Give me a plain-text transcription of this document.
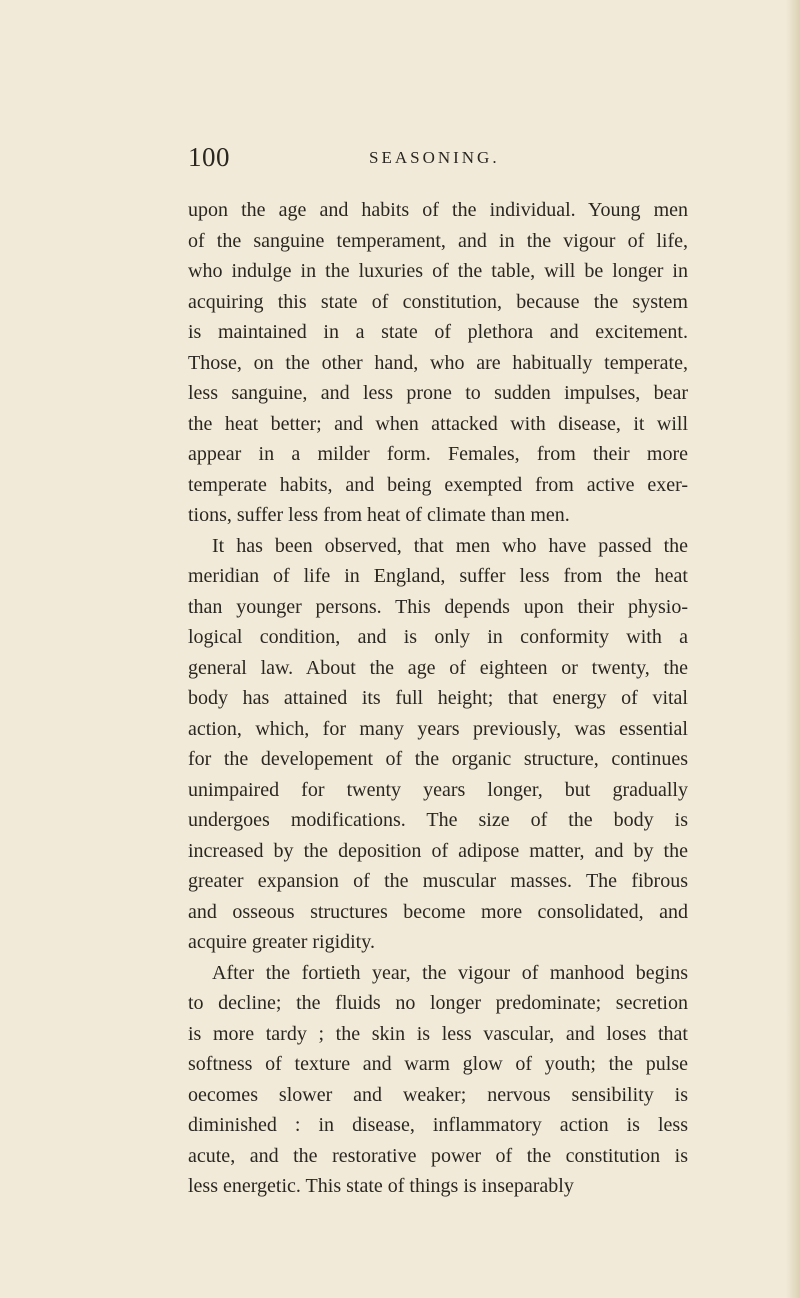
100	SEASONING.
upon the age and habits of the individual. Young men
of the sanguine temperament, and in the vigour of life,
who indulge in the luxuries of the table, will be longer in
acquiring this state of constitution, because the system
is maintained in a state of plethora and excitement.
Those, on the other hand, who are habitually temperate,
less sanguine, and less prone to sudden impulses, bear
the heat better; and when attacked with disease, it will
appear in a milder form. Females, from their more
temperate habits, and being exempted from active exer-
tions, suffer less from heat of climate than men.
It has been observed, that men who have passed the
meridian of life in England, suffer less from the heat
than younger persons. This depends upon their physio-
logical condition, and is only in conformity with a
general law. About the age of eighteen or twenty, the
body has attained its full height; that energy of vital
action, which, for many years previously, was essential
for the developement of the organic structure, continues
unimpaired for twenty years longer, but gradually
undergoes modifications. The size of the body is
increased by the deposition of adipose matter, and by the
greater expansion of the muscular masses. The fibrous
and osseous structures become more consolidated, and
acquire greater rigidity.
After the fortieth year, the vigour of manhood begins
to decline; the fluids no longer predominate; secretion
is more tardy ; the skin is less vascular, and loses that
softness of texture and warm glow of youth; the pulse
oecomes slower and weaker; nervous sensibility is
diminished : in disease, inflammatory action is less
acute, and the restorative power of the constitution is
less energetic. This state of things is inseparably
